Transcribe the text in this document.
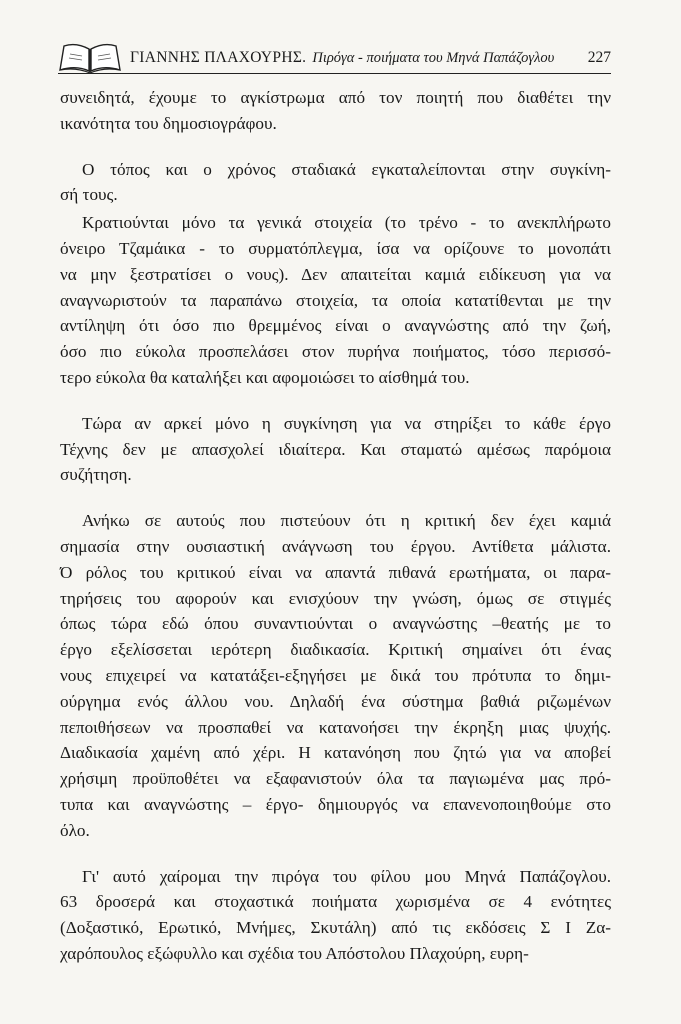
ΓΙΑΝΝΗΣ ΠΛΑΧΟΥΡΗΣ. Πιρόγα - ποιήματα του Μηνά Παπάζογλου	227
συνειδητά, έχουμε το αγκίστρωμα από τον ποιητή που διαθέτει την
ικανότητα του δημοσιογράφου.
Ο τόπος και ο χρόνος σταδιακά εγκαταλείπονται στην συγκίνη-
σή τους.
Κρατιούνται μόνο τα γενικά στοιχεία (το τρένο - το ανεκπλήρωτο
όνειρο Τζαμάικα - το συρματόπλεγμα, ίσα να ορίζουνε το μονοπάτι
να μην ξεστρατίσει ο νους). Δεν απαιτείται καμιά ειδίκευση για να
αναγνωριστούν τα παραπάνω στοιχεία, τα οποία κατατίθενται με την
αντίληψη ότι όσο πιο θρεμμένος είναι ο αναγνώστης από την ζωή,
όσο πιο εύκολα προσπελάσει στον πυρήνα ποιήματος, τόσο περισσό-
τερο εύκολα θα καταλήξει και αφομοιώσει το αίσθημά του.
Τώρα αν αρκεί μόνο η συγκίνηση για να στηρίξει το κάθε έργο
Τέχνης δεν με απασχολεί ιδιαίτερα. Και σταματώ αμέσως παρόμοια
συζήτηση.
Ανήκω σε αυτούς που πιστεύουν ότι η κριτική δεν έχει καμιά
σημασία στην ουσιαστική ανάγνωση του έργου. Αντίθετα μάλιστα.
Ό ρόλος του κριτικού είναι να απαντά πιθανά ερωτήματα, οι παρα-
τηρήσεις του αφορούν και ενισχύουν την γνώση, όμως σε στιγμές
όπως τώρα εδώ όπου συναντιούνται ο αναγνώστης –θεατής με το
έργο εξελίσσεται ιερότερη διαδικασία. Κριτική σημαίνει ότι ένας
νους επιχειρεί να κατατάξει-εξηγήσει με δικά του πρότυπα το δημι-
ούργημα ενός άλλου νου. Δηλαδή ένα σύστημα βαθιά ριζωμένων
πεποιθήσεων να προσπαθεί να κατανοήσει την έκρηξη μιας ψυχής.
Διαδικασία χαμένη από χέρι. Η κατανόηση που ζητώ για να αποβεί
χρήσιμη προϋποθέτει να εξαφανιστούν όλα τα παγιωμένα μας πρό-
τυπα και αναγνώστης – έργο- δημιουργός να επανενοποιηθούμε στο
όλο.
Γι' αυτό χαίρομαι την πιρόγα του φίλου μου Μηνά Παπάζογλου.
63 δροσερά και στοχαστικά ποιήματα χωρισμένα σε 4 ενότητες
(Δοξαστικό, Ερωτικό, Μνήμες, Σκυτάλη) από τις εκδόσεις Σ Ι Ζα-
χαρόπουλος εξώφυλλο και σχέδια του Απόστολου Πλαχούρη, ευρη-
